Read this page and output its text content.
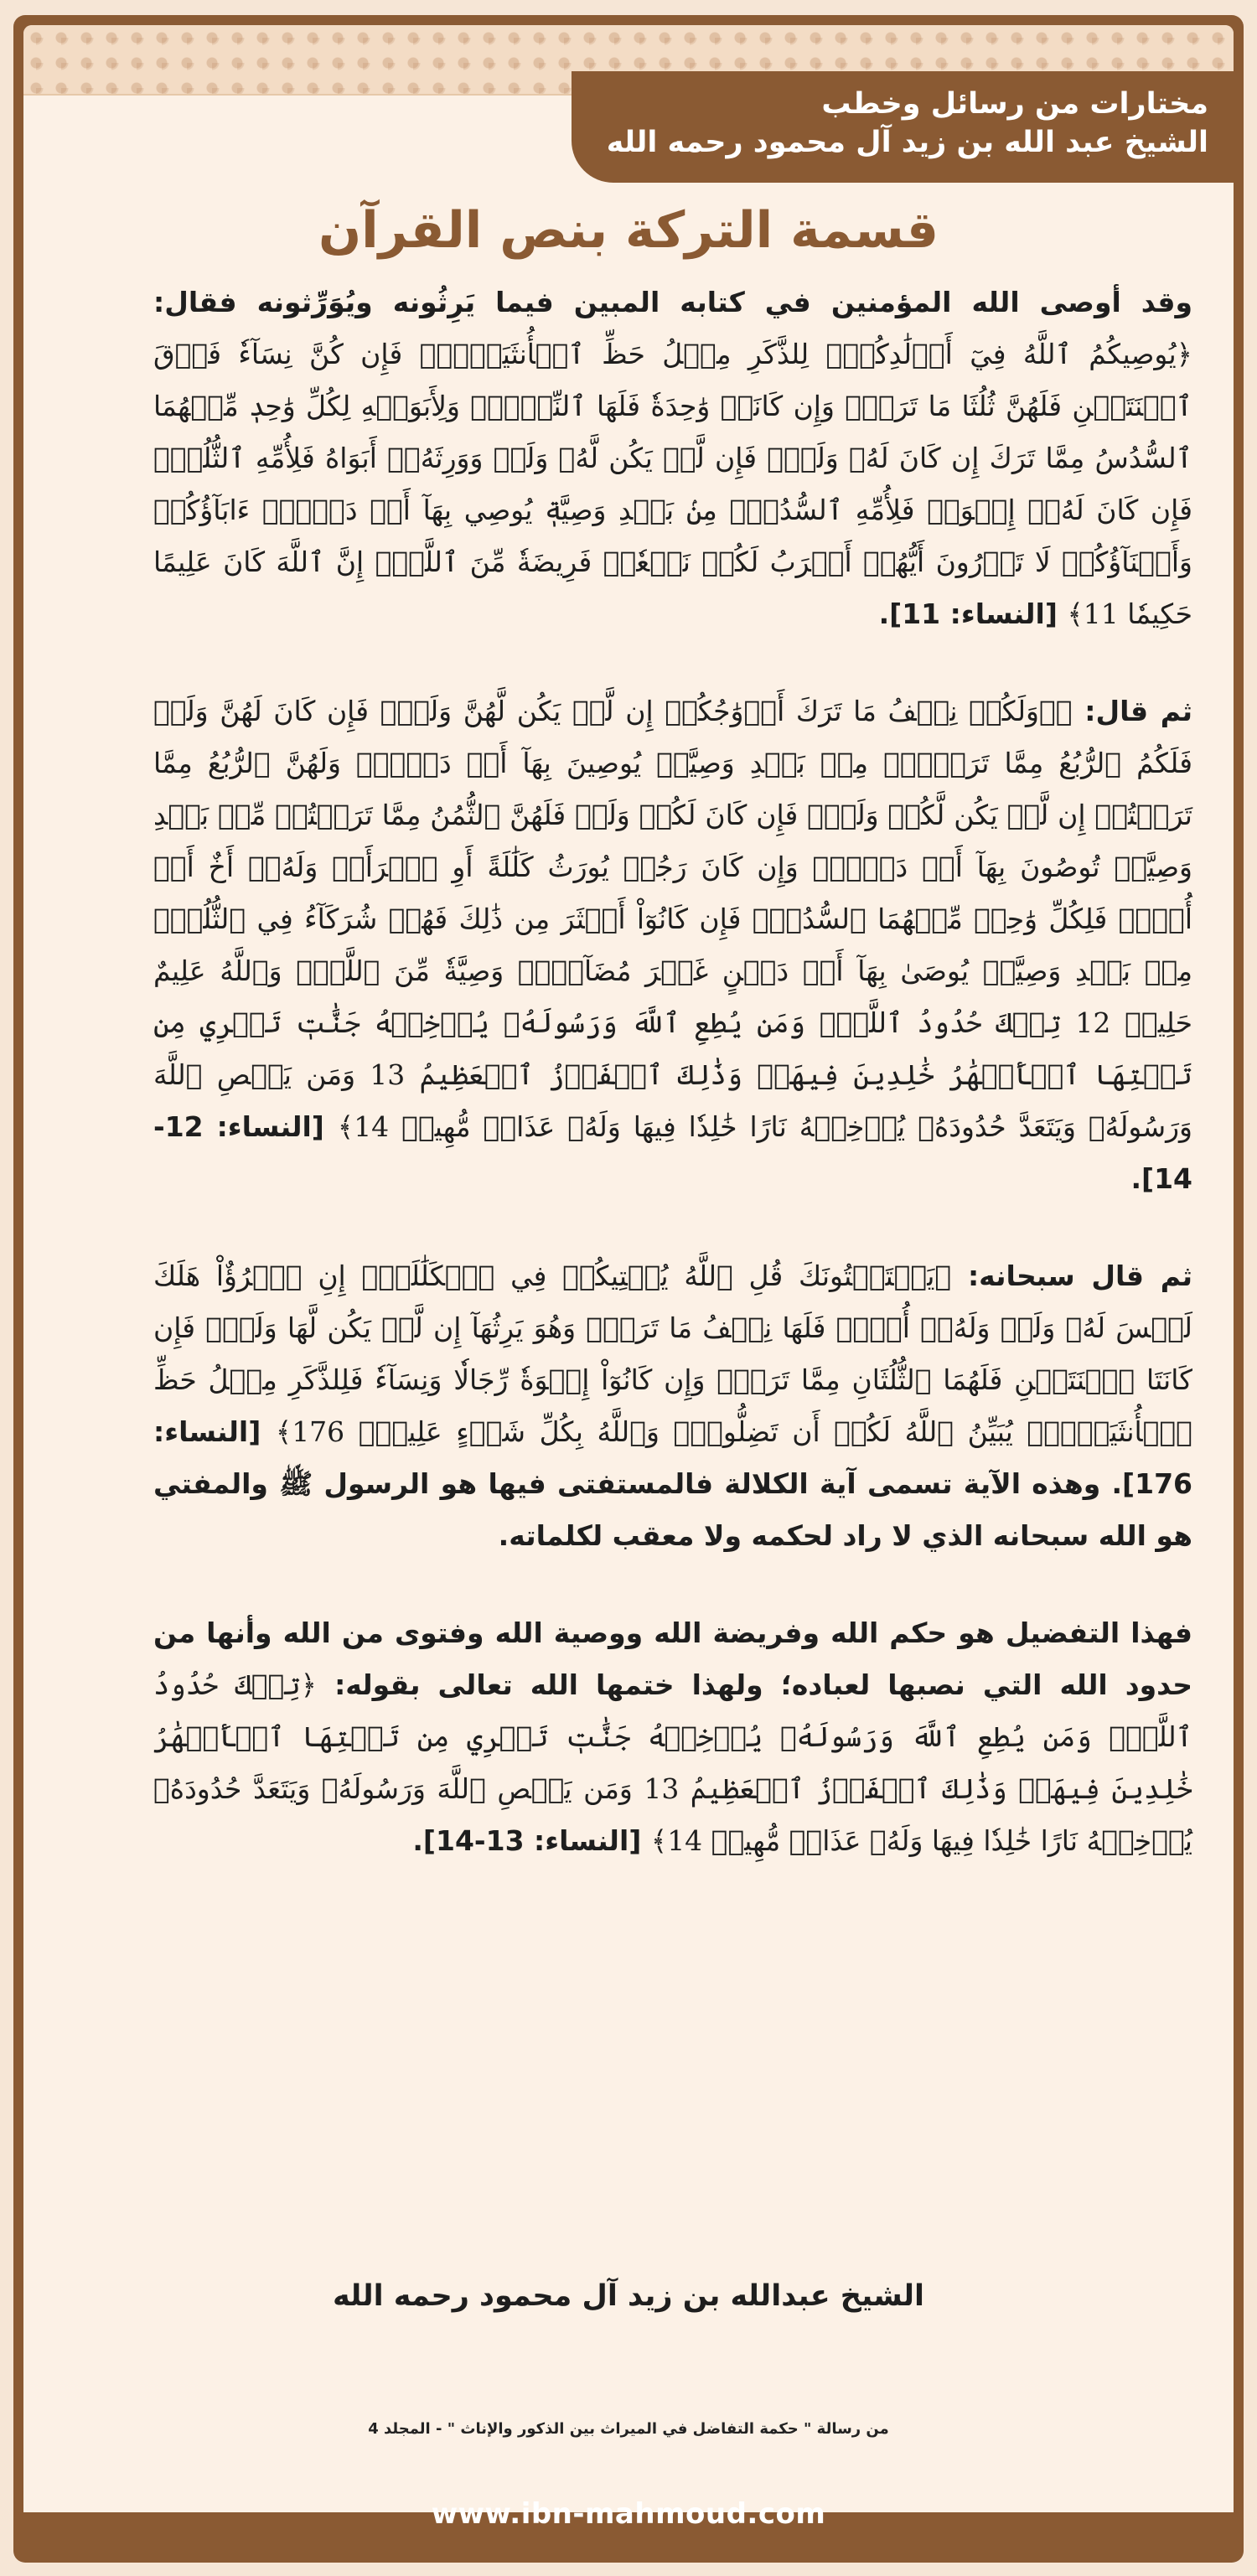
مختارات من رسائل وخطب
الشيخ عبد الله بن زيد آل محمود رحمه الله
قسمة التركة بنص القرآن

وقد أوصى الله المؤمنين في كتابه المبين فيما يَرِثُونه ويُوَرِّثونه فقال: ﴿يُوصِيكُمُ ٱللَّهُ فِيٓ أَوۡلَٰدِكُمۡۖ لِلذَّكَرِ مِثۡلُ حَظِّ ٱلۡأُنثَيَيۡنِۚ فَإِن كُنَّ نِسَآءٗ فَوۡقَ ٱثۡنَتَيۡنِ فَلَهُنَّ ثُلُثَا مَا تَرَكَۖ وَإِن كَانَتۡ وَٰحِدَةٗ فَلَهَا ٱلنِّصۡفُۚ وَلِأَبَوَيۡهِ لِكُلِّ وَٰحِدٖ مِّنۡهُمَا ٱلسُّدُسُ مِمَّا تَرَكَ إِن كَانَ لَهُۥ وَلَدٞۚ فَإِن لَّمۡ يَكُن لَّهُۥ وَلَدٞ وَوَرِثَهُۥٓ أَبَوَاهُ فَلِأُمِّهِ ٱلثُّلُثُۚ فَإِن كَانَ لَهُۥٓ إِخۡوَةٞ فَلِأُمِّهِ ٱلسُّدُسُۚ مِنۢ بَعۡدِ وَصِيَّةٖ يُوصِي بِهَآ أَوۡ دَيۡنٍۗ ءَابَآؤُكُمۡ وَأَبۡنَآؤُكُمۡ لَا تَدۡرُونَ أَيُّهُمۡ أَقۡرَبُ لَكُمۡ نَفۡعٗاۚ فَرِيضَةٗ مِّنَ ٱللَّهِۗ إِنَّ ٱللَّهَ كَانَ عَلِيمًا حَكِيمٗا 11﴾ [النساء: 11].

ثم قال: ﴿۞وَلَكُمۡ نِصۡفُ مَا تَرَكَ أَزۡوَٰجُكُمۡ إِن لَّمۡ يَكُن لَّهُنَّ وَلَدٞۚ فَإِن كَانَ لَهُنَّ وَلَدٞ فَلَكُمُ ٱلرُّبُعُ مِمَّا تَرَكۡنَۚ مِنۢ بَعۡدِ وَصِيَّةٖ يُوصِينَ بِهَآ أَوۡ دَيۡنٖۚ وَلَهُنَّ ٱلرُّبُعُ مِمَّا تَرَكۡتُمۡ إِن لَّمۡ يَكُن لَّكُمۡ وَلَدٞۚ فَإِن كَانَ لَكُمۡ وَلَدٞ فَلَهُنَّ ٱلثُّمُنُ مِمَّا تَرَكۡتُمۚ مِّنۢ بَعۡدِ وَصِيَّةٖ تُوصُونَ بِهَآ أَوۡ دَيۡنٖۗ وَإِن كَانَ رَجُلٞ يُورَثُ كَلَٰلَةً أَوِ ٱمۡرَأَةٞ وَلَهُۥٓ أَخٌ أَوۡ أُخۡتٞ فَلِكُلِّ وَٰحِدٖ مِّنۡهُمَا ٱلسُّدُسُۚ فَإِن كَانُوٓاْ أَكۡثَرَ مِن ذَٰلِكَ فَهُمۡ شُرَكَآءُ فِي ٱلثُّلُثِۚ مِنۢ بَعۡدِ وَصِيَّةٖ يُوصَىٰ بِهَآ أَوۡ دَيۡنٍ غَيۡرَ مُضَآرّٖۚ وَصِيَّةٗ مِّنَ ٱللَّهِۗ وَٱللَّهُ عَلِيمٌ حَلِيمٞ 12 تِلۡكَ حُدُودُ ٱللَّهِۚ وَمَن يُطِعِ ٱللَّهَ وَرَسُولَهُۥ يُدۡخِلۡهُ جَنَّٰتٖ تَجۡرِي مِن تَحۡتِهَا ٱلۡأَنۡهَٰرُ خَٰلِدِينَ فِيهَاۚ وَذَٰلِكَ ٱلۡفَوۡزُ ٱلۡعَظِيمُ 13 وَمَن يَعۡصِ ٱللَّهَ وَرَسُولَهُۥ وَيَتَعَدَّ حُدُودَهُۥ يُدۡخِلۡهُ نَارًا خَٰلِدٗا فِيهَا وَلَهُۥ عَذَابٞ مُّهِينٞ 14﴾ [النساء: 12-14].

ثم قال سبحانه: ﴿يَسۡتَفۡتُونَكَ قُلِ ٱللَّهُ يُفۡتِيكُمۡ فِي ٱلۡكَلَٰلَةِۚ إِنِ ٱمۡرُؤٌاْ هَلَكَ لَيۡسَ لَهُۥ وَلَدٞ وَلَهُۥٓ أُخۡتٞ فَلَهَا نِصۡفُ مَا تَرَكَۚ وَهُوَ يَرِثُهَآ إِن لَّمۡ يَكُن لَّهَا وَلَدٞۚ فَإِن كَانَتَا ٱثۡنَتَيۡنِ فَلَهُمَا ٱلثُّلُثَانِ مِمَّا تَرَكَۚ وَإِن كَانُوٓاْ إِخۡوَةٗ رِّجَالٗا وَنِسَآءٗ فَلِلذَّكَرِ مِثۡلُ حَظِّ ٱلۡأُنثَيَيۡنِۗ يُبَيِّنُ ٱللَّهُ لَكُمۡ أَن تَضِلُّواْۗ وَٱللَّهُ بِكُلِّ شَيۡءٍ عَلِيمُۢ 176﴾ [النساء: 176]. وهذه الآية تسمى آية الكلالة فالمستفتى فيها هو الرسول ﷺ والمفتي هو الله سبحانه الذي لا راد لحكمه ولا معقب لكلماته.

فهذا التفضيل هو حكم الله وفريضة الله ووصية الله وفتوى من الله وأنها من حدود الله التي نصبها لعباده؛ ولهذا ختمها الله تعالى بقوله: ﴿تِلۡكَ حُدُودُ ٱللَّهِۚ وَمَن يُطِعِ ٱللَّهَ وَرَسُولَهُۥ يُدۡخِلۡهُ جَنَّٰتٖ تَجۡرِي مِن تَحۡتِهَا ٱلۡأَنۡهَٰرُ خَٰلِدِينَ فِيهَاۚ وَذَٰلِكَ ٱلۡفَوۡزُ ٱلۡعَظِيمُ 13 وَمَن يَعۡصِ ٱللَّهَ وَرَسُولَهُۥ وَيَتَعَدَّ حُدُودَهُۥ يُدۡخِلۡهُ نَارًا خَٰلِدٗا فِيهَا وَلَهُۥ عَذَابٞ مُّهِينٞ 14﴾ [النساء: 13-14].

الشيخ عبدالله بن زيد آل محمود رحمه الله
من رسالة " حكمة التفاضل في الميراث بين الذكور والإناث " - المجلد 4
www.ibn-mahmoud.com
